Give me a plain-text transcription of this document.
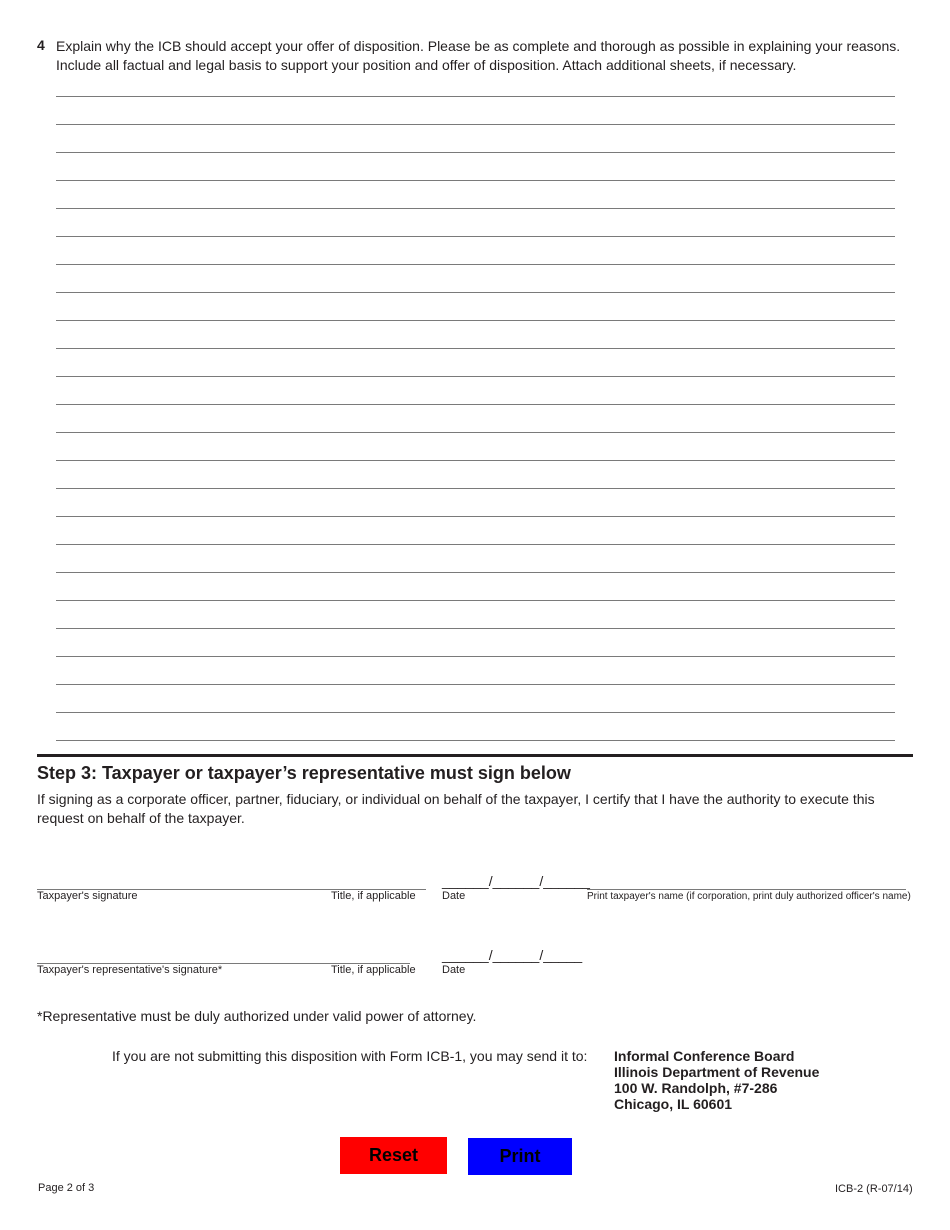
4 Explain why the ICB should accept your offer of disposition. Please be as complete and thorough as possible in explaining your reasons. Include all factual and legal basis to support your position and offer of disposition. Attach additional sheets, if necessary.
Step 3: Taxpayer or taxpayer’s representative must sign below
If signing as a corporate officer, partner, fiduciary, or individual on behalf of the taxpayer, I certify that I have the authority to execute this request on behalf of the taxpayer.
Taxpayer's signature	Title, if applicable
______/______/______
Date	Print taxpayer's name (if corporation, print duly authorized officer's name)
Taxpayer's representative's signature*	Title, if applicable
______/______/_____
Date
*Representative must be duly authorized under valid power of attorney.
If you are not submitting this disposition with Form ICB-1, you may send it to: Informal Conference Board
Illinois Department of Revenue
100 W. Randolph, #7-286
Chicago, IL 60601
Reset	Print
Page 2 of 3	ICB-2 (R-07/14)
